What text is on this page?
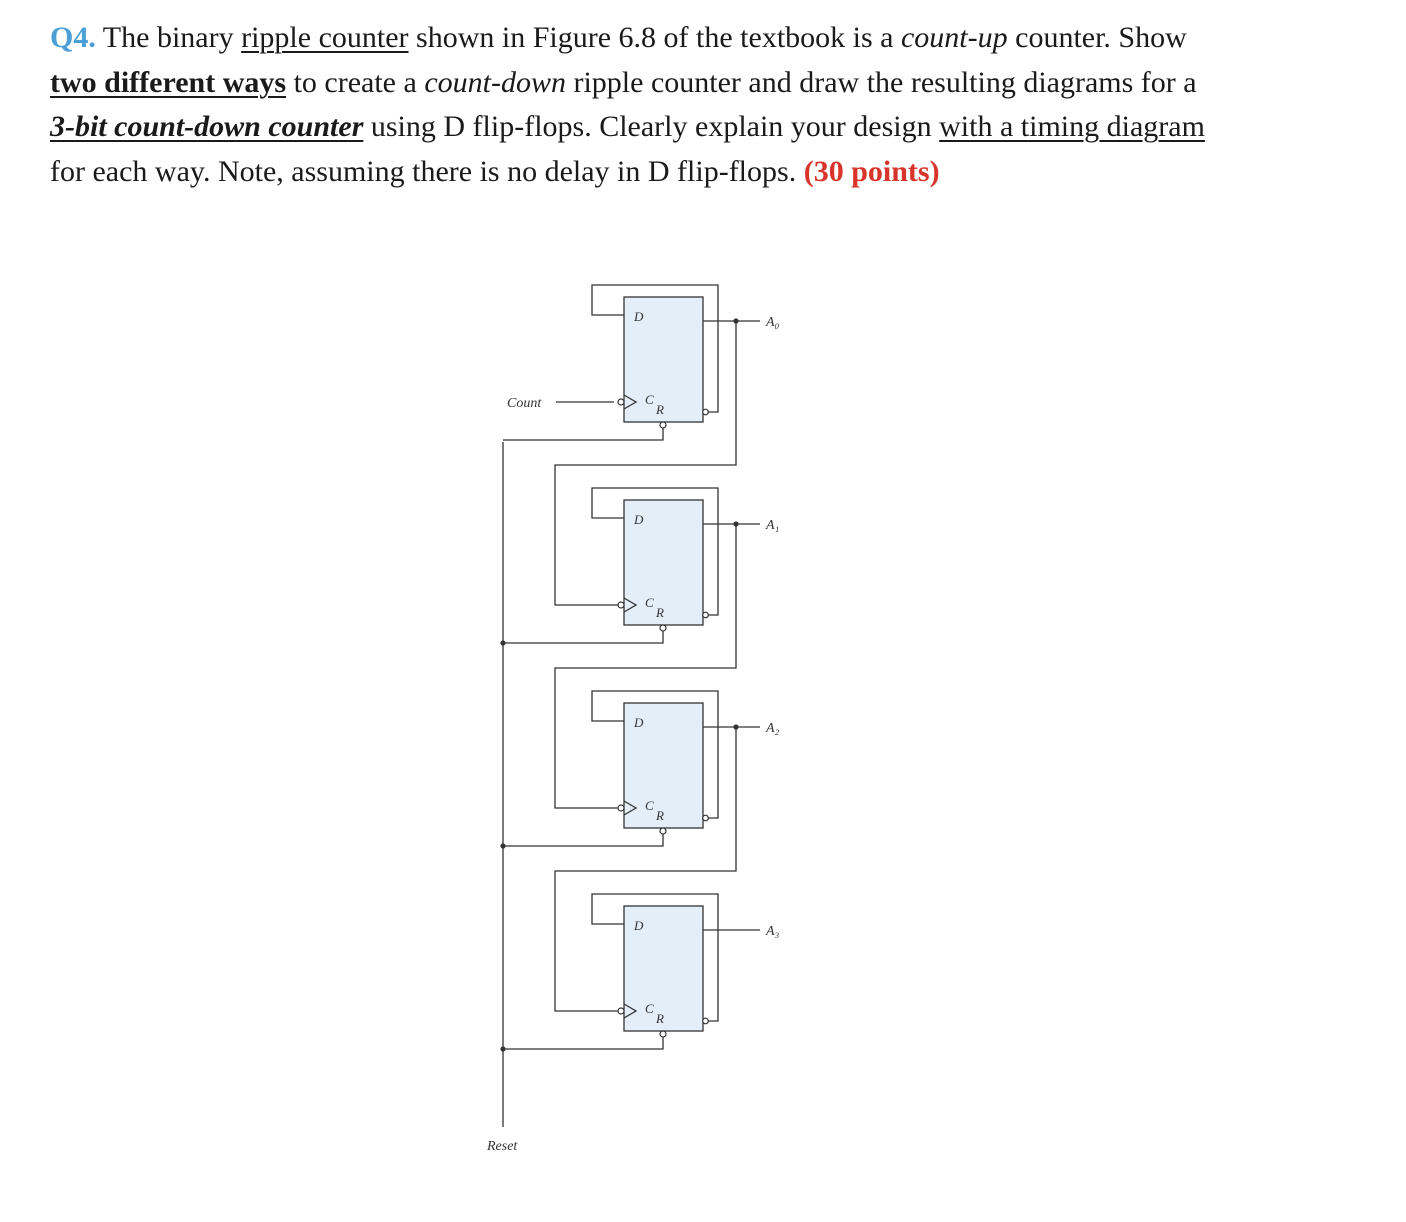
Q4. The binary ripple counter shown in Figure 6.8 of the textbook is a count-up counter. Show

two different ways to create a count-down ripple counter and draw the resulting diagrams for a

3-bit count-down counter using D flip-flops. Clearly explain your design with a timing diagram

for each way. Note, assuming there is no delay in D flip-flops. (30 points)

Count
Reset
D
C
R
A₀
D
C
R
A₁
D
C
R
A₂
D
C
R
A₃
